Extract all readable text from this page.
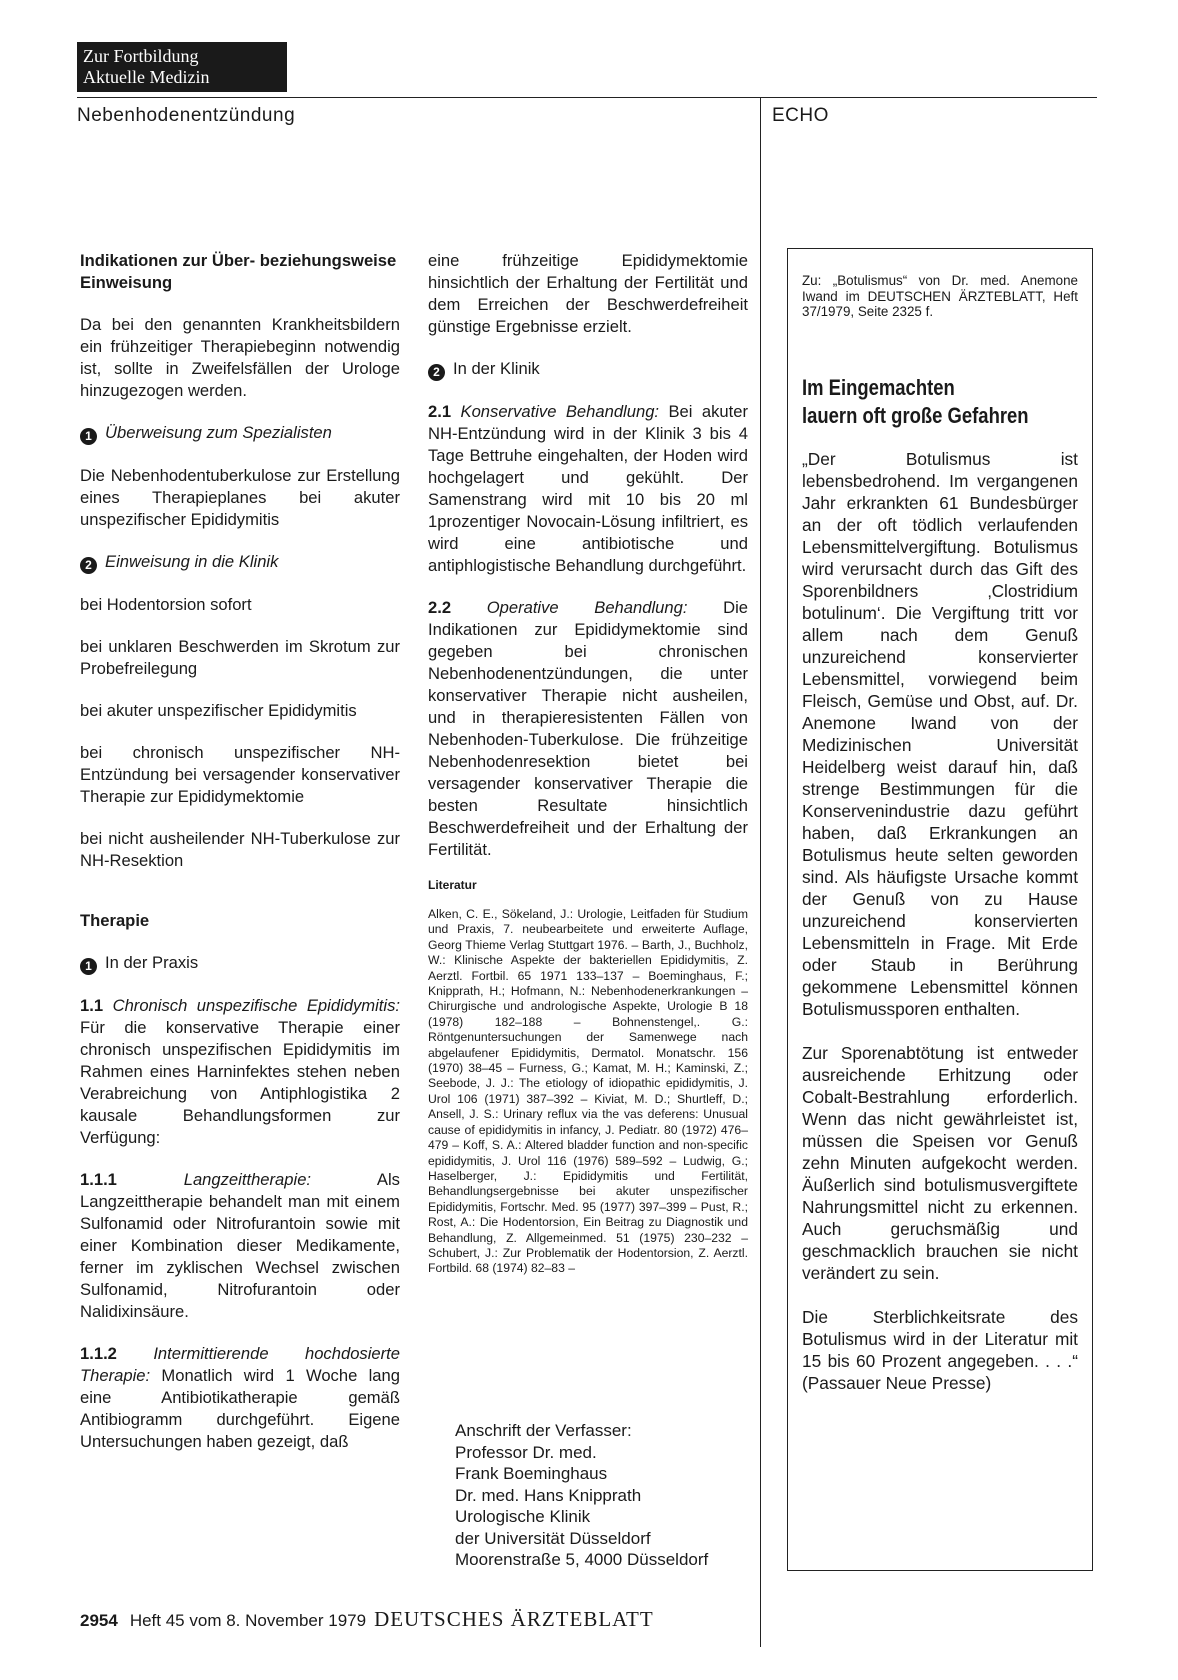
Zur Fortbildung
Aktuelle Medizin
Nebenhodenentzündung	ECHO
Indikationen zur Über- beziehungsweise Einweisung

Da bei den genannten Krankheitsbildern ein frühzeitiger Therapiebeginn notwendig ist, sollte in Zweifelsfällen der Urologe hinzugezogen werden.

1 Überweisung zum Spezialisten

Die Nebenhodentuberkulose zur Erstellung eines Therapieplanes bei akuter unspezifischer Epididymitis

2 Einweisung in die Klinik

bei Hodentorsion sofort

bei unklaren Beschwerden im Skrotum zur Probefreilegung

bei akuter unspezifischer Epididymitis

bei chronisch unspezifischer NH-Entzündung bei versagender konservativer Therapie zur Epididymektomie

bei nicht ausheilender NH-Tuberkulose zur NH-Resektion

Therapie

1 In der Praxis

1.1 Chronisch unspezifische Epididymitis: Für die konservative Therapie einer chronisch unspezifischen Epididymitis im Rahmen eines Harninfektes stehen neben Verabreichung von Antiphlogistika 2 kausale Behandlungsformen zur Verfügung:

1.1.1	Langzeittherapie:	Als Langzeittherapie behandelt man mit einem Sulfonamid oder Nitrofurantoin sowie mit einer Kombination dieser Medikamente, ferner im zyklischen Wechsel zwischen Sulfonamid, Nitrofurantoin oder Nalidixinsäure.

1.1.2 Intermittierende hochdosierte Therapie: Monatlich wird 1 Woche lang eine Antibiotikatherapie gemäß Antibiogramm durchgeführt. Eigene Untersuchungen haben gezeigt, daß

eine frühzeitige Epididymektomie hinsichtlich der Erhaltung der Fertilität und dem Erreichen der Beschwerdefreiheit günstige Ergebnisse erzielt.

2 In der Klinik

2.1 Konservative Behandlung: Bei akuter NH-Entzündung wird in der Klinik 3 bis 4 Tage Bettruhe eingehalten, der Hoden wird hochgelagert und gekühlt. Der Samenstrang wird mit 10 bis 20 ml 1prozentiger Novocain-Lösung infiltriert, es wird eine antibiotische und antiphlogistische Behandlung durchgeführt.

2.2 Operative Behandlung: Die Indikationen zur Epididymektomie sind gegeben bei chronischen Nebenhodenentzündungen, die unter konservativer Therapie nicht ausheilen, und in therapieresistenten Fällen von Nebenhoden-Tuberkulose. Die frühzeitige Nebenhodenresektion bietet bei versagender konservativer Therapie die besten Resultate hinsichtlich Beschwerdefreiheit und der Erhaltung der Fertilität.

Literatur

Alken, C. E., Sökeland, J.: Urologie, Leitfaden für Studium und Praxis, 7. neubearbeitete und erweiterte Auflage, Georg Thieme Verlag Stuttgart 1976. – Barth, J., Buchholz, W.: Klinische Aspekte der bakteriellen Epididymitis, Z. Aerztl. Fortbil. 65 1971 133–137 – Boeminghaus, F.; Knipprath, H.; Hofmann, N.: Nebenhodenerkrankungen – Chirurgische und andrologische Aspekte, Urologie B 18 (1978) 182–188 – Bohnenstengel,. G.: Röntgenuntersuchungen der Samenwege nach abgelaufener Epididymitis, Dermatol. Monatschr. 156 (1970) 38–45 – Furness, G.; Kamat, M. H.; Kaminski, Z.; Seebode, J. J.: The etiology of idiopathic epididymitis, J. Urol 106 (1971) 387–392 – Kiviat, M. D.; Shurtleff, D.; Ansell, J. S.: Urinary reflux via the vas deferens: Unusual cause of epididymitis in infancy, J. Pediatr. 80 (1972) 476–479 – Koff, S. A.: Altered bladder function and non-specific epididymitis, J. Urol 116 (1976) 589–592 – Ludwig, G.; Haselberger, J.: Epididymitis und Fertilität, Behandlungsergebnisse bei akuter unspezifischer Epididymitis, Fortschr. Med. 95 (1977) 397–399 – Pust, R.; Rost, A.: Die Hodentorsion, Ein Beitrag zu Diagnostik und Behandlung, Z. Allgemeinmed. 51 (1975) 230–232 – Schubert, J.: Zur Problematik der Hodentorsion, Z. Aerztl. Fortbild. 68 (1974) 82–83 –

Anschrift der Verfasser:
Professor Dr. med.
Frank Boeminghaus
Dr. med. Hans Knipprath
Urologische Klinik
der Universität Düsseldorf
Moorenstraße 5, 4000 Düsseldorf

Zu: „Botulismus“ von Dr. med. Anemone Iwand im DEUTSCHEN ÄRZTEBLATT, Heft 37/1979, Seite 2325 f.

Im Eingemachten
lauern oft große Gefahren

„Der Botulismus ist lebensbedrohend. Im vergangenen Jahr erkrankten 61 Bundesbürger an der oft tödlich verlaufenden Lebensmittelvergiftung. Botulismus wird verursacht durch das Gift des Sporenbildners ‚Clostridium botulinum‘. Die Vergiftung tritt vor allem nach dem Genuß unzureichend konservierter Lebensmittel, vorwiegend beim Fleisch, Gemüse und Obst, auf. Dr. Anemone Iwand von der Medizinischen Universität Heidelberg weist darauf hin, daß strenge Bestimmungen für die Konservenindustrie dazu geführt haben, daß Erkrankungen an Botulismus heute selten geworden sind. Als häufigste Ursache kommt der Genuß von zu Hause unzureichend konservierten Lebensmitteln in Frage. Mit Erde oder Staub in Berührung gekommene Lebensmittel können Botulismussporen enthalten.

Zur Sporenabtötung ist entweder ausreichende Erhitzung oder Cobalt-Bestrahlung erforderlich. Wenn das nicht gewährleistet ist, müssen die Speisen vor Genuß zehn Minuten aufgekocht werden. Äußerlich sind botulismusvergiftete Nahrungsmittel nicht zu erkennen. Auch geruchsmäßig und geschmacklich brauchen sie nicht verändert zu sein.

Die Sterblichkeitsrate des Botulismus wird in der Literatur mit 15 bis 60 Prozent angegeben. . . .“ (Passauer Neue Presse)

2954 Heft 45 vom 8. November 1979 DEUTSCHES ÄRZTEBLATT
